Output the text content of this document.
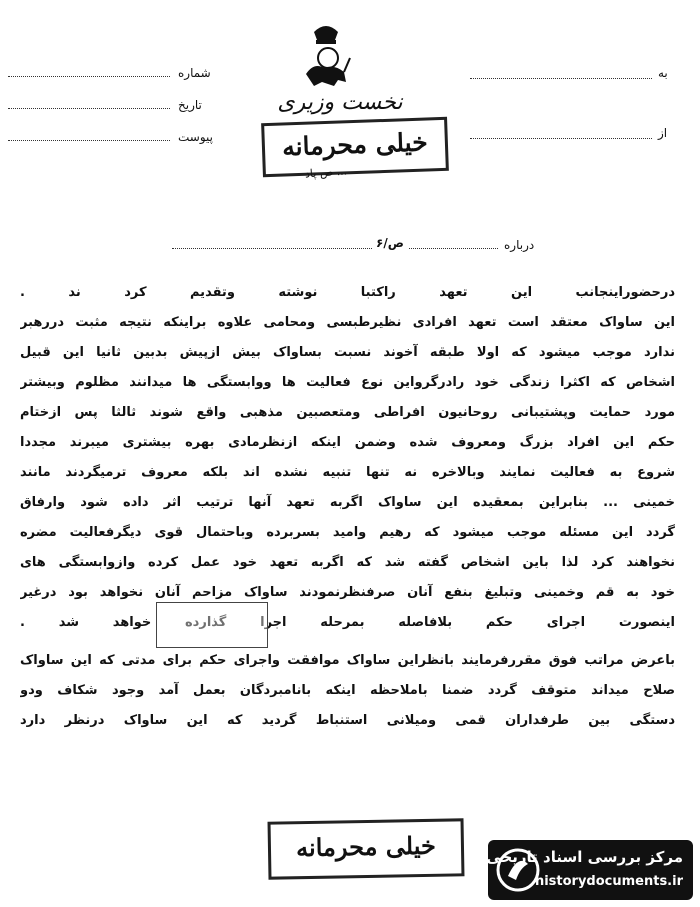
نخست وزیری
خیلی محرمانه
ص پاد ...
شماره
تاریخ
پیوست
به
از
درباره
ص/۶
درحضوراینجانب این تعهد راکتبا نوشته وتقدیم کرد ند .
این ساواک معتقد است تعهد افرادی نظیرطبسی ومحامی علاوه براینکه نتیجه مثبت دررهبر
ندارد موجب میشود که اولا طبقه آخوند نسبت بساواک بیش ازپیش بدبین ثانیا این قبیل
اشخاص که اکثرا زندگی خود رادرگرواین نوع فعالیت ها ووابستگی ها میدانند مظلوم وبیشتر
مورد حمایت وپشتیبانی روحانیون افراطی ومتعصبین مذهبی واقع شوند ثالثا پس ازختام
حکم این افراد بزرگ ومعروف شده وضمن اینکه ازنظرمادی بهره بیشتری میبرند مجددا
شروع به فعالیت نمایند وبالاخره نه تنها تنبیه نشده اند بلکه معروف ترمیگردند مانند
خمینی ... بنابراین بمعقیده این ساواک اگربه تعهد آنها ترتیب اثر داده شود وارفاق
گردد این مسئله موجب میشود که رهیم وامید بسربرده وباحتمال قوی دیگرفعالیت مضره
نخواهند کرد لذا باین اشخاص گفته شد که اگربه تعهد خود عمل کرده وازوابستگی های
خود به قم وخمینی وتبلیغ بنفع آنان صرفنظرنمودند ساواک مزاحم آنان نخواهد بود درغیر
اینصورت اجرای حکم بلافاصله بمرحله اجرا گذارده خواهد شد .
باعرض مراتب فوق مقررفرمایند بانظراین ساواک موافقت واجرای حکم برای مدتی که این ساواک
صلاح میداند متوقف گردد ضمنا باملاحظه اینکه بانامبردگان بعمل آمد وجود شکاف ودو
دستگی بین طرفداران قمی ومیلانی استنباط گردید که این ساواک درنظر دارد
خیلی محرمانه	مرکز بررسی اسناد تاریخی
historydocuments.ir
